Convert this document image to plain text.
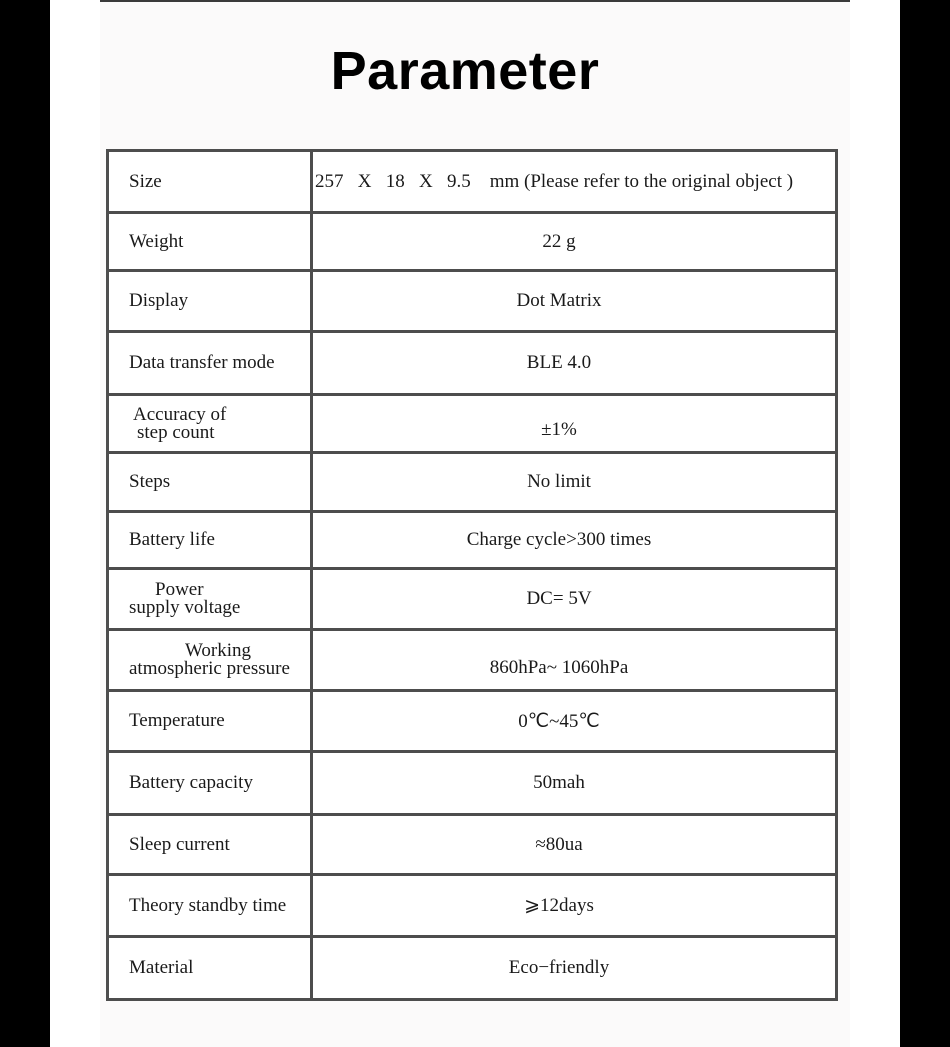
Parameter
Size	257   X   18   X   9.5    mm (Please refer to the original object )
Weight	22 g
Display	Dot Matrix
Data transfer mode	BLE 4.0
Accuracy of
step count	±1%
Steps	No limit
Battery life	Charge cycle>300 times
Power
supply voltage	DC= 5V
Working
atmospheric pressure	860hPa~ 1060hPa
Temperature	0℃~45℃
Battery capacity	50mah
Sleep current	≈80ua
Theory standby time	⩾12days
Material	Eco−friendly
